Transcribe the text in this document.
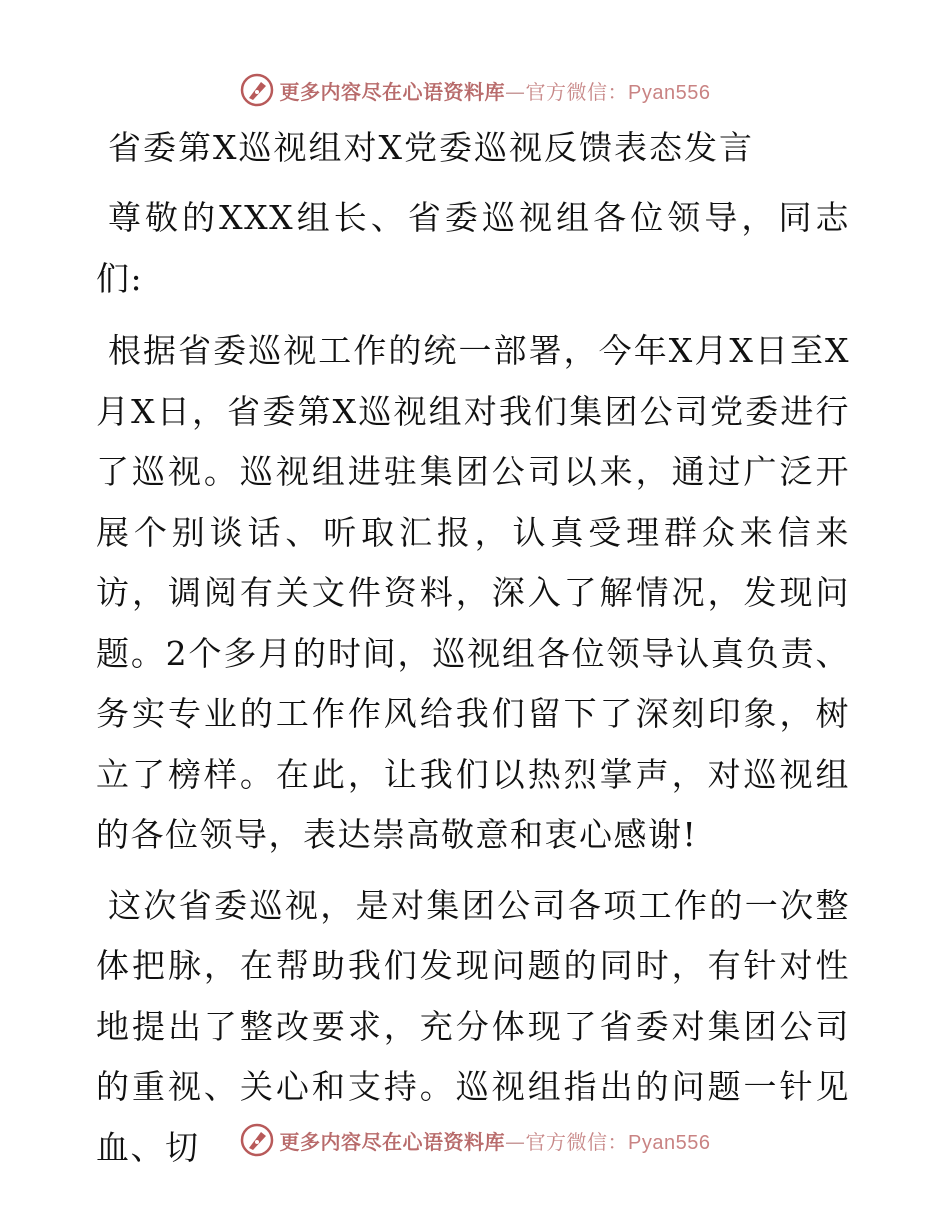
更多内容尽在心语资料库—官方微信：Pyan556

省委第X巡视组对X党委巡视反馈表态发言

尊敬的XXX组长、省委巡视组各位领导，同志们:

根据省委巡视工作的统一部署，今年X月X日至X月X日，省委第X巡视组对我们集团公司党委进行了巡视。巡视组进驻集团公司以来，通过广泛开展个别谈话、听取汇报，认真受理群众来信来访，调阅有关文件资料，深入了解情况，发现问题。2个多月的时间，巡视组各位领导认真负责、务实专业的工作作风给我们留下了深刻印象，树立了榜样。在此，让我们以热烈掌声，对巡视组的各位领导，表达崇高敬意和衷心感谢!

这次省委巡视，是对集团公司各项工作的一次整体把脉，在帮助我们发现问题的同时，有针对性地提出了整改要求，充分体现了省委对集团公司的重视、关心和支持。巡视组指出的问题一针见血、切	更多内容尽在心语资料库—官方微信：Pyan556
